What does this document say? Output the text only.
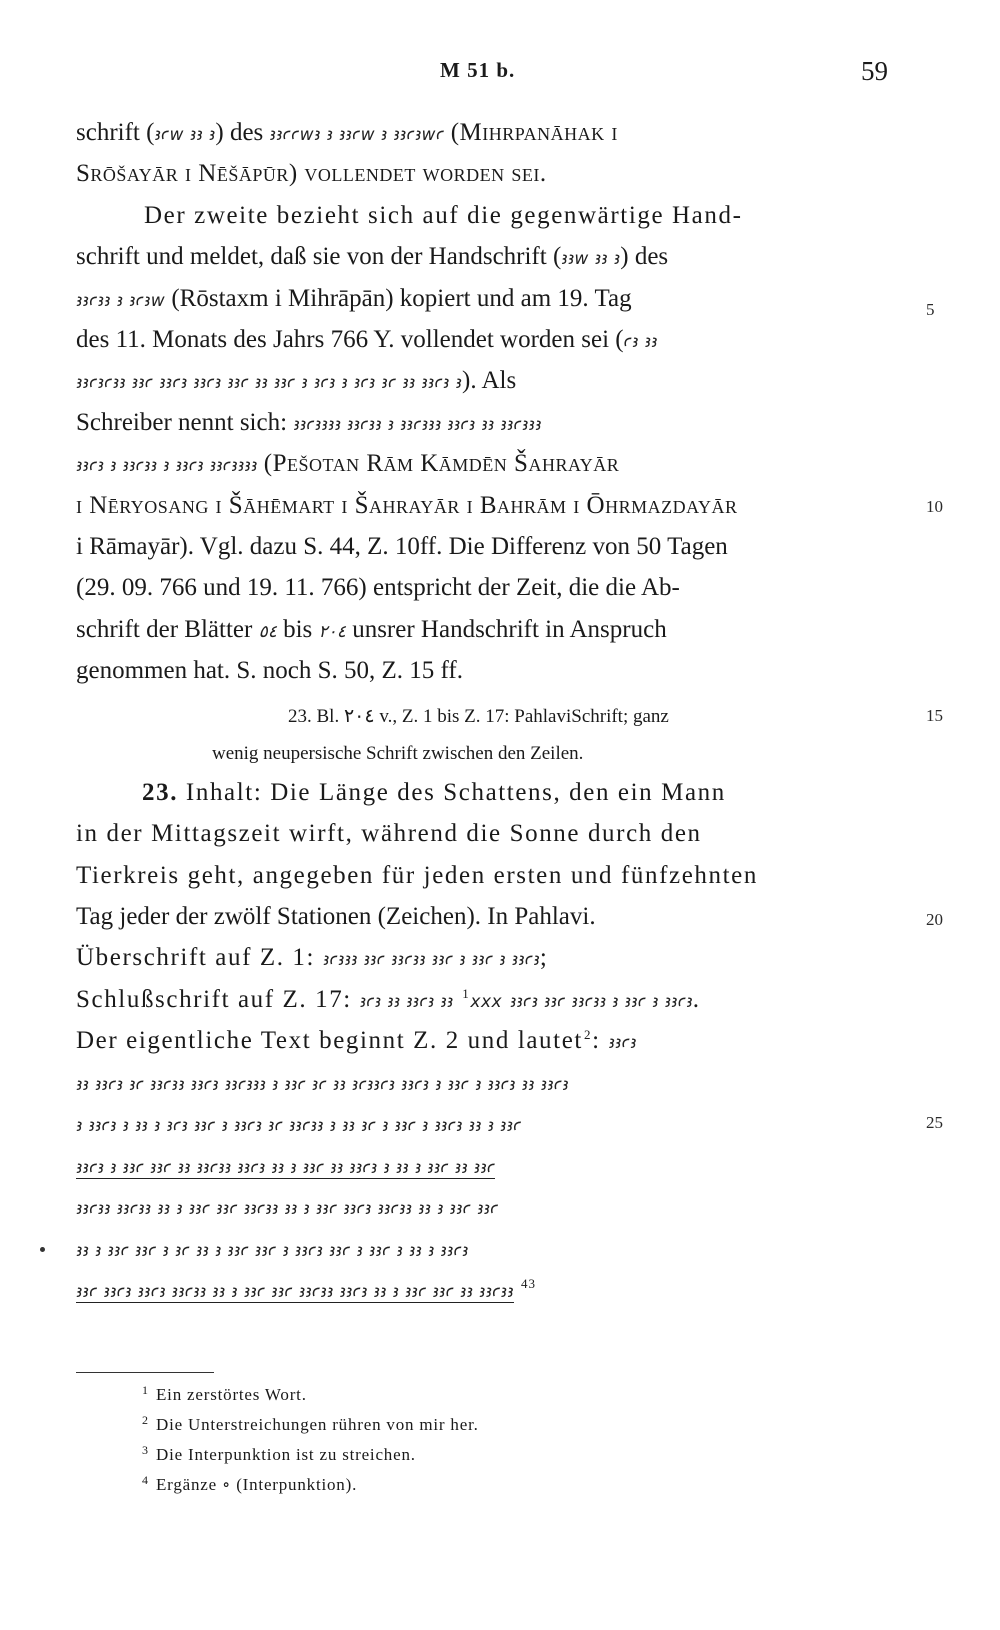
M 51 b.	59
schrift (ꜣꜥw ꜣꜣ ꜣ) des ꜣꜣꜥꜥwꜣ ꜣ ꜣꜣꜥw ꜣ ꜣꜣꜥꜣwꜥ (Mihrpanāhak i
Srōšayār i Nēšāpūr) vollendet worden sei.
Der zweite bezieht sich auf die gegenwärtige Hand-
schrift und meldet, daß sie von der Handschrift (ꜣꜣw ꜣꜣ ꜣ) des
ꜣꜣꜥꜣꜣ ꜣ ꜣꜥꜣw (Rōstaxm i Mihrāpān) kopiert und am 19. Tag
des 11. Monats des Jahrs 766 Y. vollendet worden sei (ꜥꜣ ꜣꜣ
ꜣꜣꜥꜣꜥꜣꜣ ꜣꜣꜥ ꜣꜣꜥꜣ ꜣꜣꜥꜣ ꜣꜣꜥ ꜣꜣ ꜣꜣꜥ ꜣ ꜣꜥꜣ ꜣ ꜣꜥꜣ ꜣꜥ ꜣꜣ ꜣꜣꜥꜣ ꜣ). Als
Schreiber nennt sich: ꜣꜣꜥꜣꜣꜣꜣ ꜣꜣꜥꜣꜣ ꜣ ꜣꜣꜥꜣꜣꜣ ꜣꜣꜥꜣ ꜣꜣ ꜣꜣꜥꜣꜣꜣ
ꜣꜣꜥꜣ ꜣ ꜣꜣꜥꜣꜣ ꜣ ꜣꜣꜥꜣ ꜣꜣꜥꜣꜣꜣꜣ (Pešotan Rām Kāmdēn Šahrayār
i Nēryosang i Šāhēmart i Šahrayār i Bahrām i Ōhrmazdayār
i Rāmayār). Vgl. dazu S. 44, Z. 10ff. Die Differenz von 50 Tagen
(29. 09. 766 und 19. 11. 766) entspricht der Zeit, die die Ab-
schrift der Blätter ٥٤ bis ٢٠٤ unsrer Handschrift in Anspruch
genommen hat. S. noch S. 50, Z. 15 ff.
23. Bl. ٢٠٤ v., Z. 1 bis Z. 17: PahlaviSchrift; ganz
wenig neupersische Schrift zwischen den Zeilen.
23. Inhalt: Die Länge des Schattens, den ein Mann
in der Mittagszeit wirft, während die Sonne durch den
Tierkreis geht, angegeben für jeden ersten und fünfzehnten
Tag jeder der zwölf Stationen (Zeichen). In Pahlavi.
Überschrift auf Z. 1: ꜣꜥꜣꜣꜣ ꜣꜣꜥ ꜣꜣꜥꜣꜣ ꜣꜣꜥ ꜣ ꜣꜣꜥ ꜣ ꜣꜣꜥꜣ;
Schlußschrift auf Z. 17: ꜣꜥꜣ ꜣꜣ ꜣꜣꜥꜣ ꜣꜣ $^1$xxx ꜣꜣꜥꜣ ꜣꜣꜥ ꜣꜣꜥꜣꜣ ꜣ ꜣꜣꜥ ꜣ ꜣꜣꜥꜣ.
Der eigentliche Text beginnt Z. 2 und lautet$^2$: ꜣꜣꜥꜣ
ꜣꜣ ꜣꜣꜥꜣ ꜣꜥ ꜣꜣꜥꜣꜣ ꜣꜣꜥꜣ ꜣꜣꜥꜣꜣꜣ ꜣ ꜣꜣꜥ ꜣꜥ ꜣꜣ ꜣꜥꜣꜣꜥꜣ ꜣꜣꜥꜣ ꜣ ꜣꜣꜥ ꜣ ꜣꜣꜥꜣ ꜣꜣ ꜣꜣꜥꜣ
ꜣ ꜣꜣꜥꜣ ꜣ ꜣꜣ ꜣ ꜣꜥꜣ ꜣꜣꜥ ꜣ ꜣꜣꜥꜣ ꜣꜥ ꜣꜣꜥꜣꜣ ꜣ ꜣꜣ ꜣꜥ ꜣ ꜣꜣꜥ ꜣ ꜣꜣꜥꜣ ꜣꜣ ꜣ ꜣꜣꜥ
ꜣꜣꜥꜣ ꜣ ꜣꜣꜥ ꜣꜣꜥ ꜣꜣ ꜣꜣꜥꜣꜣ ꜣꜣꜥꜣ ꜣꜣ ꜣ ꜣꜣꜥ ꜣꜣ ꜣꜣꜥꜣ ꜣ ꜣꜣ ꜣ ꜣꜣꜥ ꜣꜣ ꜣꜣꜥ
ꜣꜣꜥꜣꜣ ꜣꜣꜥꜣꜣ ꜣꜣ ꜣ ꜣꜣꜥ ꜣꜣꜥ ꜣꜣꜥꜣꜣ ꜣꜣ ꜣ ꜣꜣꜥ ꜣꜣꜥꜣ ꜣꜣꜥꜣꜣ ꜣꜣ ꜣ ꜣꜣꜥ ꜣꜣꜥ
ꜣꜣ ꜣ ꜣꜣꜥ ꜣꜣꜥ ꜣ ꜣꜥ ꜣꜣ ꜣ ꜣꜣꜥ ꜣꜣꜥ ꜣ ꜣꜣꜥꜣ ꜣꜣꜥ ꜣ ꜣꜣꜥ ꜣ ꜣꜣ ꜣ ꜣꜣꜥꜣ
ꜣꜣꜥ ꜣꜣꜥꜣ ꜣꜣꜥꜣ ꜣꜣꜥꜣꜣ ꜣꜣ ꜣ ꜣꜣꜥ ꜣꜣꜥ ꜣꜣꜥꜣꜣ ꜣꜣꜥꜣ ꜣꜣ ꜣ ꜣꜣꜥ ꜣꜣꜥ ꜣꜣ ꜣꜣꜥꜣꜣ $^{43}$
5
10
15
20
25
1 Ein zerstörtes Wort.
2 Die Unterstreichungen rühren von mir her.
3 Die Interpunktion ist zu streichen.
4 Ergänze ∘ (Interpunktion).
